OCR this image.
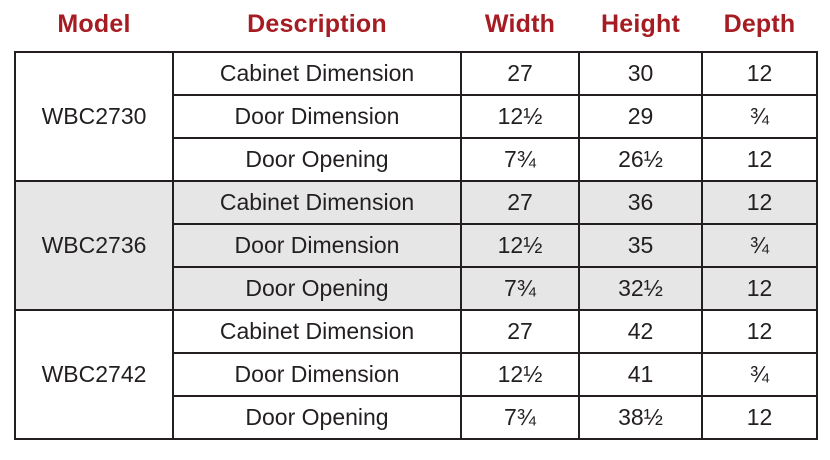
Model	Description	Width	Height	Depth
WBC2730	Cabinet Dimension	27	30	12
	Door Dimension	12½	29	¾
	Door Opening	7¾	26½	12
WBC2736	Cabinet Dimension	27	36	12
	Door Dimension	12½	35	¾
	Door Opening	7¾	32½	12
WBC2742	Cabinet Dimension	27	42	12
	Door Dimension	12½	41	¾
	Door Opening	7¾	38½	12
